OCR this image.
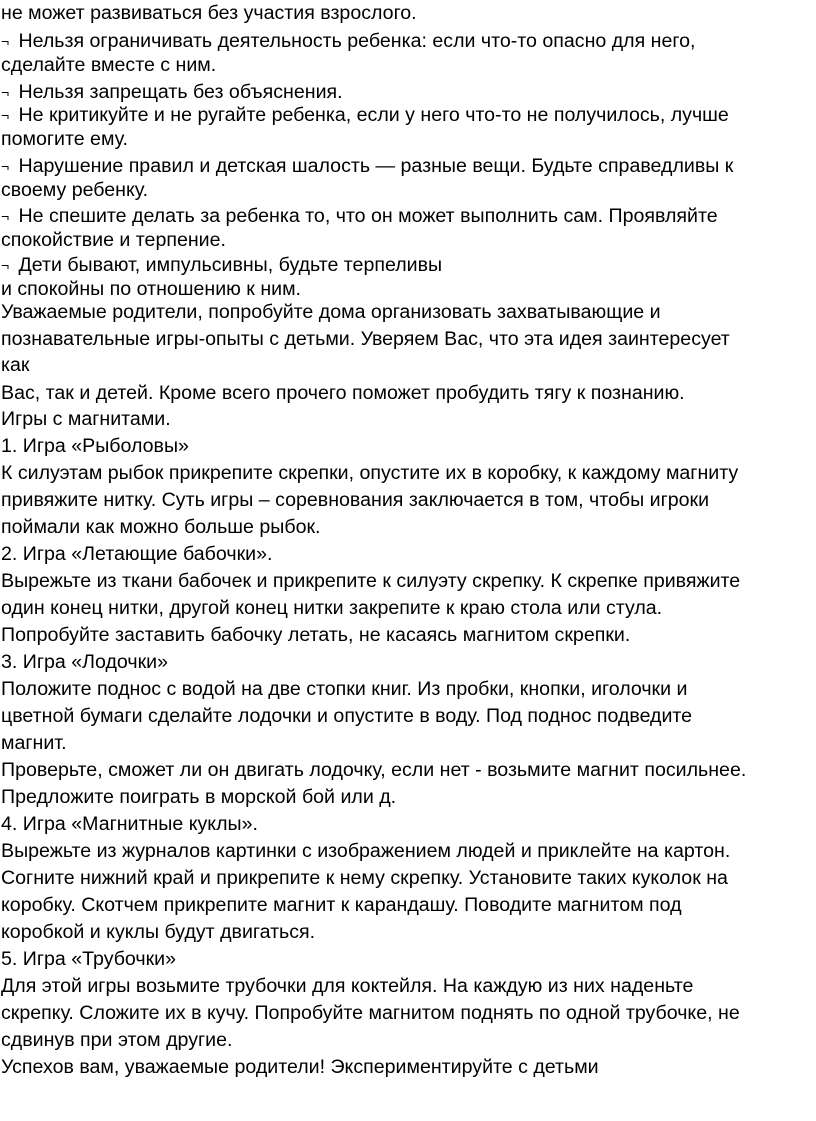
не может развиваться без участия взрослого.
¬ Нельзя ограничивать деятельность ребенка: если что-то опасно для него,
сделайте вместе с ним.
¬ Нельзя запрещать без объяснения.
¬ Не критикуйте и не ругайте ребенка, если у него что-то не получилось, лучше
помогите ему.
¬ Нарушение правил и детская шалость — разные вещи. Будьте справедливы к
своему ребенку.
¬ Не спешите делать за ребенка то, что он может выполнить сам. Проявляйте
спокойствие и терпение.
¬ Дети бывают, импульсивны, будьте терпеливы
и спокойны по отношению к ним.
Уважаемые родители, попробуйте дома организовать захватывающие и
познавательные игры-опыты с детьми. Уверяем Вас, что эта идея заинтересует
как
Вас, так и детей. Кроме всего прочего поможет пробудить тягу к познанию.
Игры с магнитами.
1. Игра «Рыболовы»
К силуэтам рыбок прикрепите скрепки, опустите их в коробку, к каждому магниту
привяжите нитку. Суть игры – соревнования заключается в том, чтобы игроки
поймали как можно больше рыбок.
2. Игра «Летающие бабочки».
Вырежьте из ткани бабочек и прикрепите к силуэту скрепку. К скрепке привяжите
один конец нитки, другой конец нитки закрепите к краю стола или стула.
Попробуйте заставить бабочку летать, не касаясь магнитом скрепки.
3. Игра «Лодочки»
Положите поднос с водой на две стопки книг. Из пробки, кнопки, иголочки и
цветной бумаги сделайте лодочки и опустите в воду. Под поднос подведите
магнит.
Проверьте, сможет ли он двигать лодочку, если нет - возьмите магнит посильнее.
Предложите поиграть в морской бой или д.
4. Игра «Магнитные куклы».
Вырежьте из журналов картинки с изображением людей и приклейте на картон.
Согните нижний край и прикрепите к нему скрепку. Установите таких куколок на
коробку. Скотчем прикрепите магнит к карандашу. Поводите магнитом под
коробкой и куклы будут двигаться.
5. Игра «Трубочки»
Для этой игры возьмите трубочки для коктейля. На каждую из них наденьте
скрепку. Сложите их в кучу. Попробуйте магнитом поднять по одной трубочке, не
сдвинув при этом другие.
Успехов вам, уважаемые родители! Экспериментируйте с детьми
